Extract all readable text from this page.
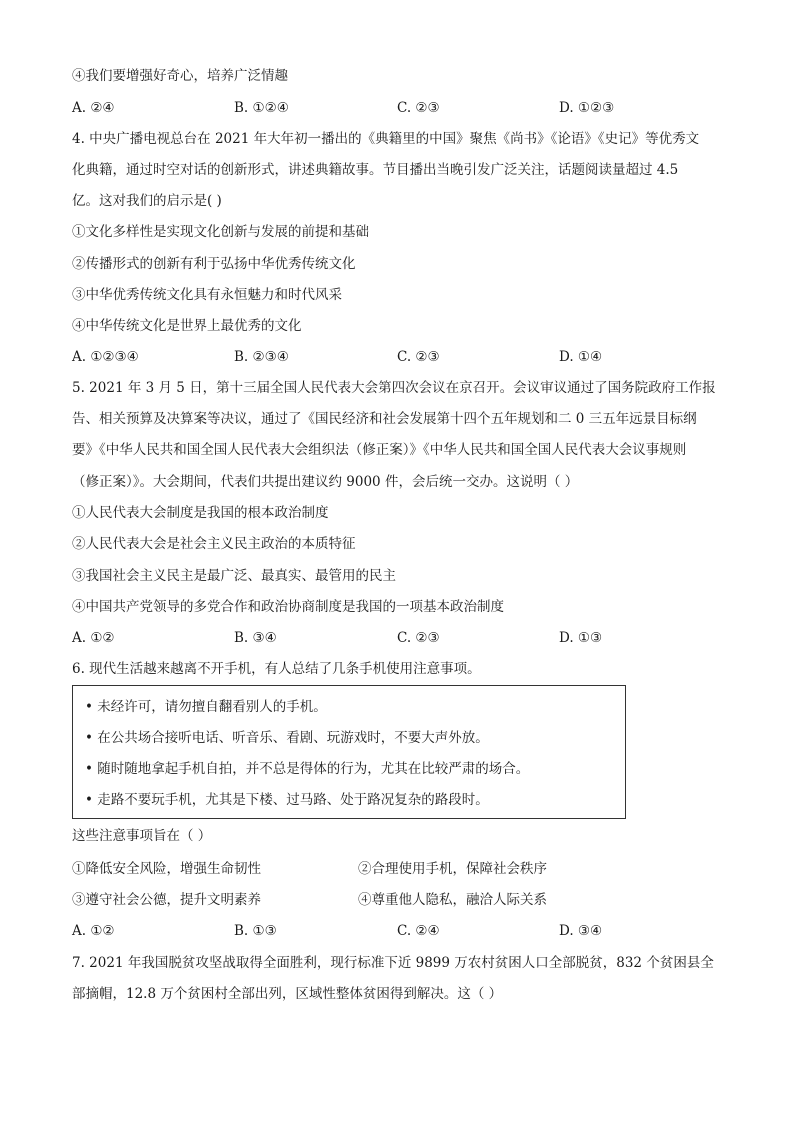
④我们要增强好奇心，培养广泛情趣
A. ②④	B. ①②④	C. ②③	D. ①②③
4. 中央广播电视总台在 2021 年大年初一播出的《典籍里的中国》聚焦《尚书》《论语》《史记》等优秀文
化典籍，通过时空对话的创新形式，讲述典籍故事。节目播出当晚引发广泛关注，话题阅读量超过 4.5
亿。这对我们的启示是( )
①文化多样性是实现文化创新与发展的前提和基础
②传播形式的创新有利于弘扬中华优秀传统文化
③中华优秀传统文化具有永恒魅力和时代风采
④中华传统文化是世界上最优秀的文化
A. ①②③④	B. ②③④	C. ②③	D. ①④
5. 2021 年 3 月 5 日，第十三届全国人民代表大会第四次会议在京召开。会议审议通过了国务院政府工作报
告、相关预算及决算案等决议，通过了《国民经济和社会发展第十四个五年规划和二 0 三五年远景目标纲
要》《中华人民共和国全国人民代表大会组织法（修正案）》《中华人民共和国全国人民代表大会议事规则
（修正案）》。大会期间，代表们共提出建议约 9000 件，会后统一交办。这说明（ ）
①人民代表大会制度是我国的根本政治制度
②人民代表大会是社会主义民主政治的本质特征
③我国社会主义民主是最广泛、最真实、最管用的民主
④中国共产党领导的多党合作和政治协商制度是我国的一项基本政治制度
A. ①②	B. ③④	C. ②③	D. ①③
6. 现代生活越来越离不开手机，有人总结了几条手机使用注意事项。
• 未经许可，请勿擅自翻看别人的手机。
• 在公共场合接听电话、听音乐、看剧、玩游戏时，不要大声外放。
• 随时随地拿起手机自拍，并不总是得体的行为，尤其在比较严肃的场合。
• 走路不要玩手机，尤其是下楼、过马路、处于路况复杂的路段时。
这些注意事项旨在（ ）
①降低安全风险，增强生命韧性	②合理使用手机，保障社会秩序
③遵守社会公德，提升文明素养	④尊重他人隐私，融洽人际关系
A. ①②	B. ①③	C. ②④	D. ③④
7. 2021 年我国脱贫攻坚战取得全面胜利，现行标准下近 9899 万农村贫困人口全部脱贫，832 个贫困县全
部摘帽，12.8 万个贫困村全部出列，区域性整体贫困得到解决。这（ ）
